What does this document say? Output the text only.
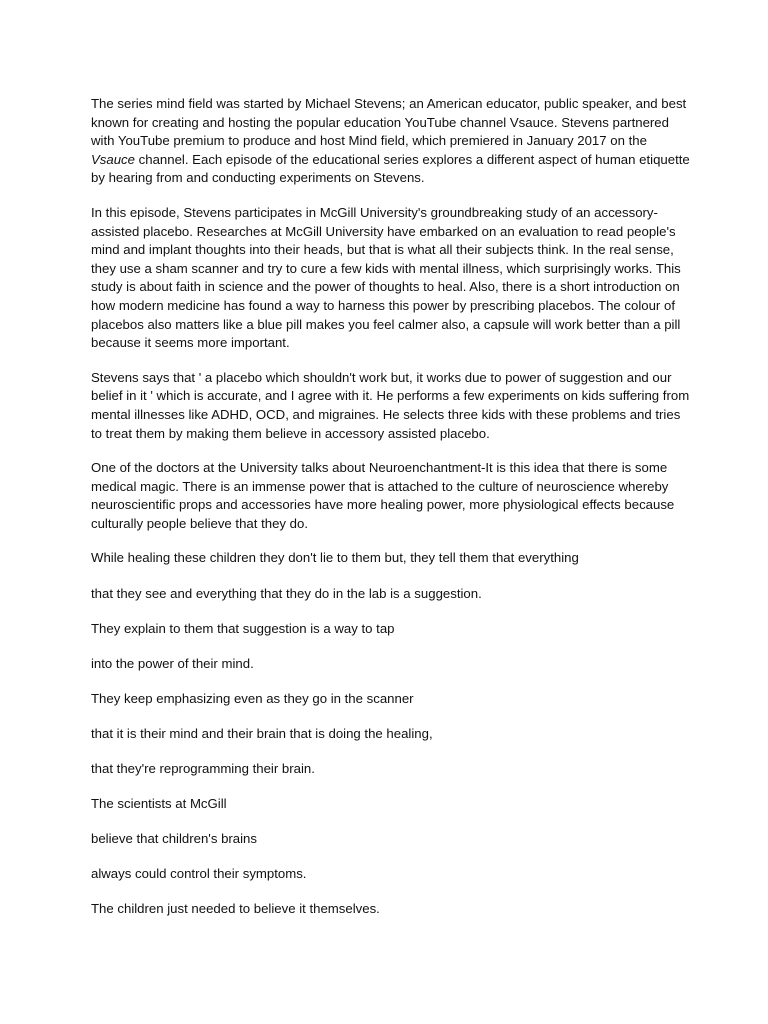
The series mind field was started by Michael Stevens; an American educator, public speaker, and best known for creating and hosting the popular education YouTube channel Vsauce. Stevens partnered with YouTube premium to produce and host Mind field, which premiered in January 2017 on the Vsauce channel. Each episode of the educational series explores a different aspect of human etiquette by hearing from and conducting experiments on Stevens.

In this episode, Stevens participates in McGill University's groundbreaking study of an accessory-assisted placebo. Researches at McGill University have embarked on an evaluation to read people's mind and implant thoughts into their heads, but that is what all their subjects think. In the real sense, they use a sham scanner and try to cure a few kids with mental illness, which surprisingly works. This study is about faith in science and the power of thoughts to heal. Also, there is a short introduction on how modern medicine has found a way to harness this power by prescribing placebos. The colour of placebos also matters like a blue pill makes you feel calmer also, a capsule will work better than a pill because it seems more important.

Stevens says that ' a placebo which shouldn't work but, it works due to power of suggestion and our belief in it ' which is accurate, and I agree with it. He performs a few experiments on kids suffering from mental illnesses like ADHD, OCD, and migraines. He selects three kids with these problems and tries to treat them by making them believe in accessory assisted placebo.

One of the doctors at the University talks about Neuroenchantment-It is this idea that there is some medical magic. There is an immense power that is attached to the culture of neuroscience whereby neuroscientific props and accessories have more healing power, more physiological effects because culturally people believe that they do.

While healing these children they don't lie to them but, they tell them that everything

that they see and everything that they do in the lab is a suggestion.

They explain to them that suggestion is a way to tap

into the power of their mind.

They keep emphasizing even as they go in the scanner

that it is their mind and their brain that is doing the healing,

that they're reprogramming their brain.

The scientists at McGill

believe that children's brains

always could control their symptoms.

The children just needed to believe it themselves.
